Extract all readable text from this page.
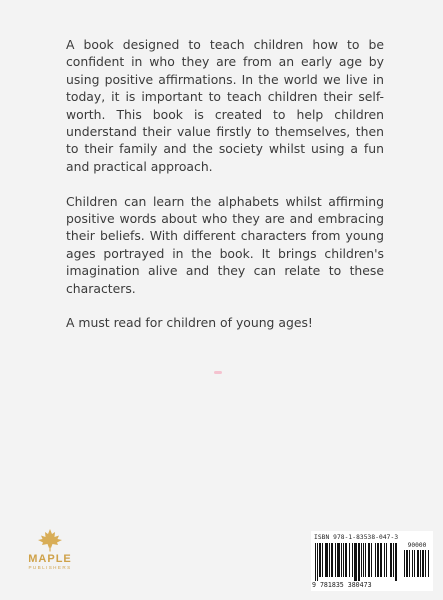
A book designed to teach children how to be confident in who they are from an early age by using positive affirmations. In the world we live in today, it is important to teach children their self-worth. This book is created to help children understand their value firstly to themselves, then to their family and the society whilst using a fun and practical approach.

Children can learn the alphabets whilst affirming positive words about who they are and embracing their beliefs. With different characters from young ages portrayed in the book. It brings children's imagination alive and they can relate to these characters.

A must read for children of young ages!

MAPLE
PUBLISHERS
ISBN 978-1-83538-047-3
90000
9 781835 380473
